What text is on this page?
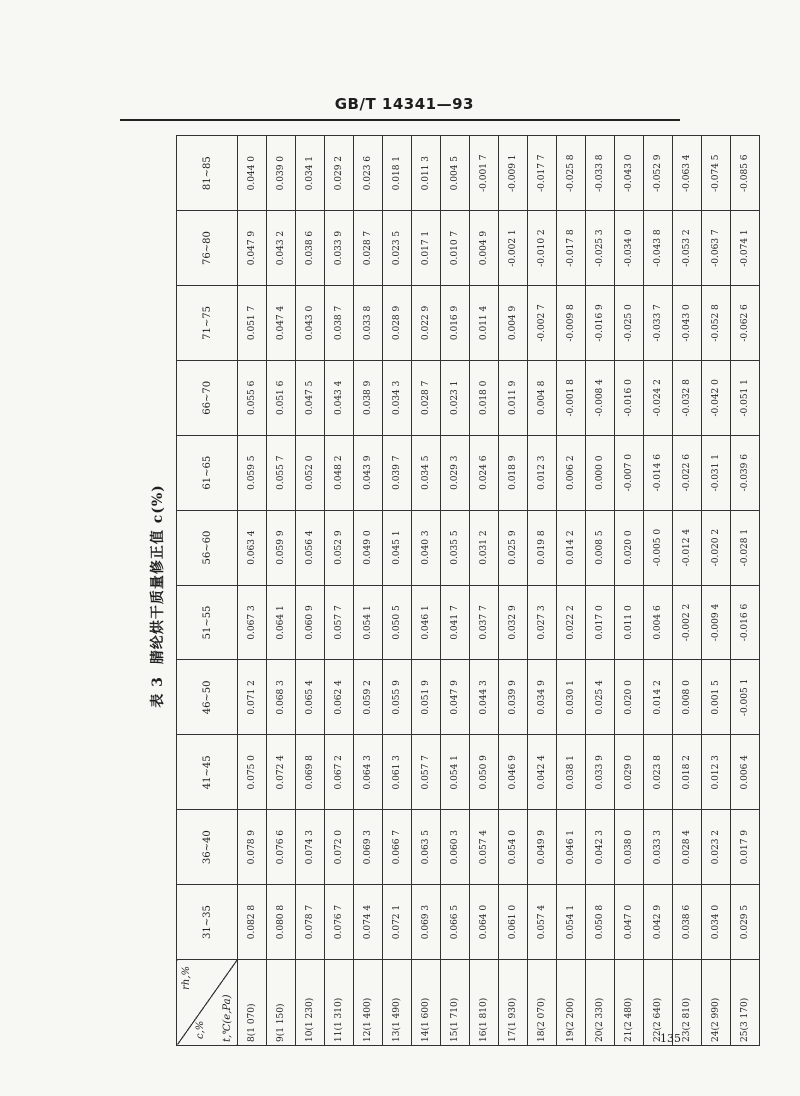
GB/T 14341—93
表 3腈纶烘干质量修正值 c(%)
rh,%
c,% t,℃(e,Pa)	31~35	36~40	41~45	46~50	51~55	56~60	61~65	66~70	71~75	76~80	81~85
8(1 070)	0.082 8	0.078 9	0.075 0	0.071 2	0.067 3	0.063 4	0.059 5	0.055 6	0.051 7	0.047 9	0.044 0
9(1 150)	0.080 8	0.076 6	0.072 4	0.068 3	0.064 1	0.059 9	0.055 7	0.051 6	0.047 4	0.043 2	0.039 0
10(1 230)	0.078 7	0.074 3	0.069 8	0.065 4	0.060 9	0.056 4	0.052 0	0.047 5	0.043 0	0.038 6	0.034 1
11(1 310)	0.076 7	0.072 0	0.067 2	0.062 4	0.057 7	0.052 9	0.048 2	0.043 4	0.038 7	0.033 9	0.029 2
12(1 400)	0.074 4	0.069 3	0.064 3	0.059 2	0.054 1	0.049 0	0.043 9	0.038 9	0.033 8	0.028 7	0.023 6
13(1 490)	0.072 1	0.066 7	0.061 3	0.055 9	0.050 5	0.045 1	0.039 7	0.034 3	0.028 9	0.023 5	0.018 1
14(1 600)	0.069 3	0.063 5	0.057 7	0.051 9	0.046 1	0.040 3	0.034 5	0.028 7	0.022 9	0.017 1	0.011 3
15(1 710)	0.066 5	0.060 3	0.054 1	0.047 9	0.041 7	0.035 5	0.029 3	0.023 1	0.016 9	0.010 7	0.004 5
16(1 810)	0.064 0	0.057 4	0.050 9	0.044 3	0.037 7	0.031 2	0.024 6	0.018 0	0.011 4	0.004 9	-0.001 7
17(1 930)	0.061 0	0.054 0	0.046 9	0.039 9	0.032 9	0.025 9	0.018 9	0.011 9	0.004 9	-0.002 1	-0.009 1
18(2 070)	0.057 4	0.049 9	0.042 4	0.034 9	0.027 3	0.019 8	0.012 3	0.004 8	-0.002 7	-0.010 2	-0.017 7
19(2 200)	0.054 1	0.046 1	0.038 1	0.030 1	0.022 2	0.014 2	0.006 2	-0.001 8	-0.009 8	-0.017 8	-0.025 8
20(2 330)	0.050 8	0.042 3	0.033 9	0.025 4	0.017 0	0.008 5	0.000 0	-0.008 4	-0.016 9	-0.025 3	-0.033 8
21(2 480)	0.047 0	0.038 0	0.029 0	0.020 0	0.011 0	0.020 0	-0.007 0	-0.016 0	-0.025 0	-0.034 0	-0.043 0
22(2 640)	0.042 9	0.033 3	0.023 8	0.014 2	0.004 6	-0.005 0	-0.014 6	-0.024 2	-0.033 7	-0.043 8	-0.052 9
23(2 810)	0.038 6	0.028 4	0.018 2	0.008 0	-0.002 2	-0.012 4	-0.022 6	-0.032 8	-0.043 0	-0.053 2	-0.063 4
24(2 990)	0.034 0	0.023 2	0.012 3	0.001 5	-0.009 4	-0.020 2	-0.031 1	-0.042 0	-0.052 8	-0.063 7	-0.074 5
25(3 170)	0.029 5	0.017 9	0.006 4	-0.005 1	-0.016 6	-0.028 1	-0.039 6	-0.051 1	-0.062 6	-0.074 1	-0.085 6
135
